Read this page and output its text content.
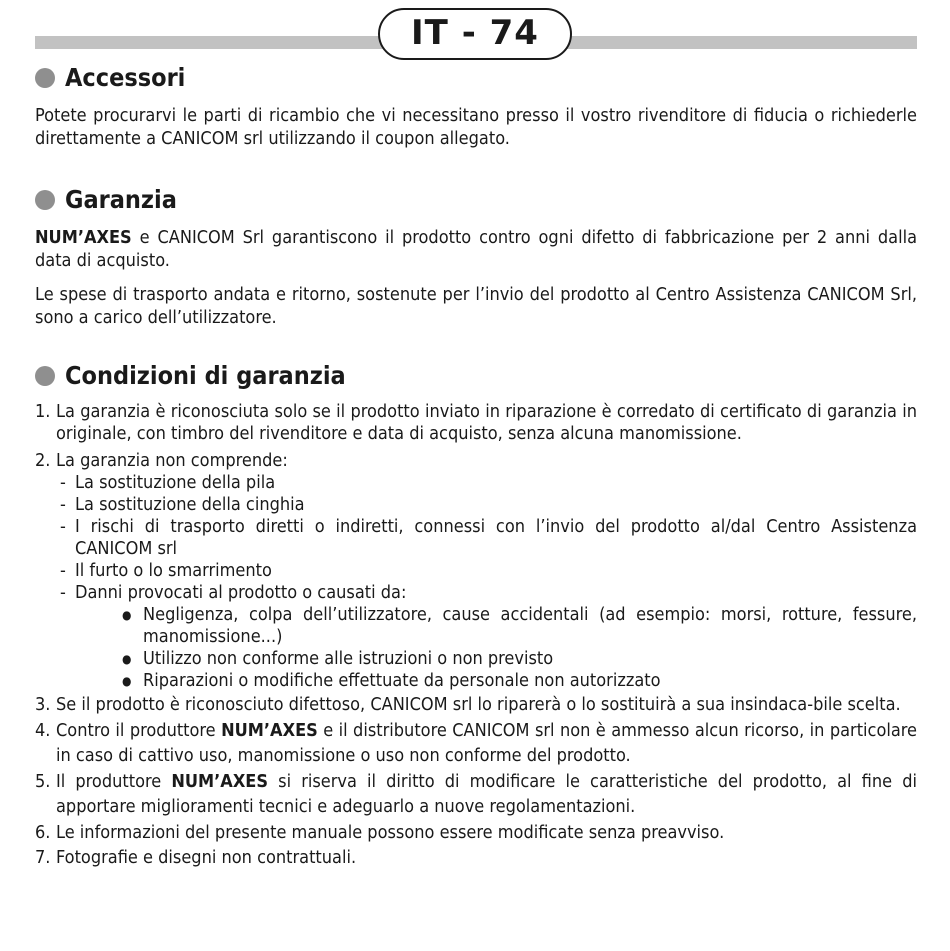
IT - 74
Accessori

Potete procurarvi le parti di ricambio che vi necessitano presso il vostro rivenditore di fiducia o richiederle direttamente a CANICOM srl utilizzando il coupon allegato.

Garanzia

NUM’AXES e CANICOM Srl garantiscono il prodotto contro ogni difetto di fabbricazione per 2 anni dalla data di acquisto.

Le spese di trasporto andata e ritorno, sostenute per l’invio del prodotto al Centro Assistenza CANICOM Srl, sono a carico dell’utilizzatore.

Condizioni di garanzia
1. La garanzia è riconosciuta solo se il prodotto inviato in riparazione è corredato di certificato di garanzia in originale, con timbro del rivenditore e data di acquisto, senza alcuna manomissione.
2. La garanzia non comprende:
- La sostituzione della pila
- La sostituzione della cinghia
- I rischi di trasporto diretti o indiretti, connessi con l’invio del prodotto al/dal Centro Assistenza CANICOM srl
- Il furto o lo smarrimento
- Danni provocati al prodotto o causati da:
● Negligenza, colpa dell’utilizzatore, cause accidentali (ad esempio: morsi, rotture, fessure, manomissione...)
● Utilizzo non conforme alle istruzioni o non previsto
● Riparazioni o modifiche effettuate da personale non autorizzato
3. Se il prodotto è riconosciuto difettoso, CANICOM srl lo riparerà o lo sostituirà a sua insindaca-bile scelta.
4. Contro il produttore NUM’AXES e il distributore CANICOM srl non è ammesso alcun ricorso, in particolare in caso di cattivo uso, manomissione o uso non conforme del prodotto.
5. Il produttore NUM’AXES si riserva il diritto di modificare le caratteristiche del prodotto, al fine di apportare miglioramenti tecnici e adeguarlo a nuove regolamentazioni.
6. Le informazioni del presente manuale possono essere modificate senza preavviso.
7. Fotografie e disegni non contrattuali.
